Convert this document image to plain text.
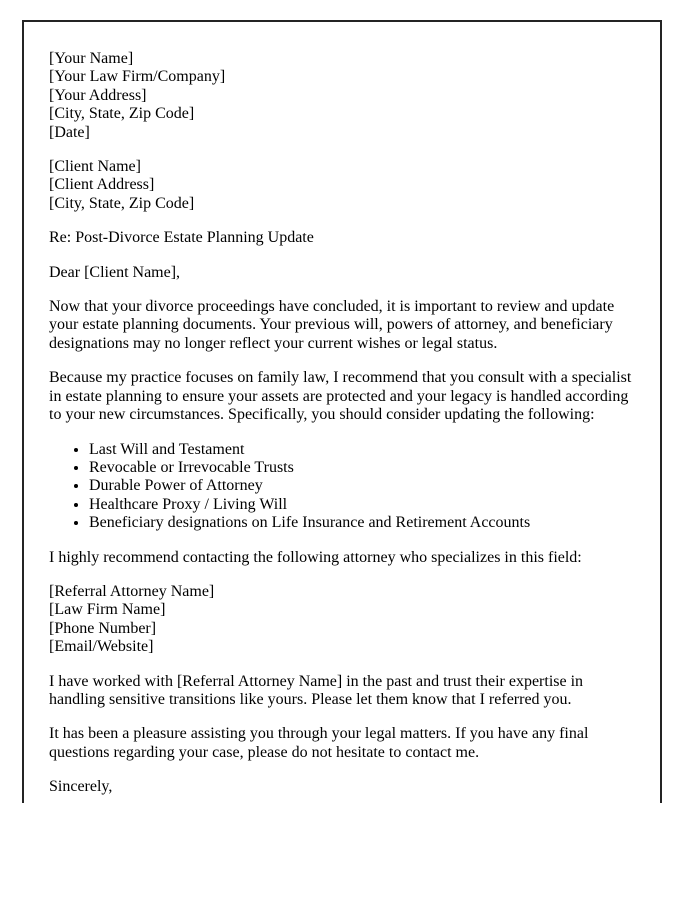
[Your Name]
[Your Law Firm/Company]
[Your Address]
[City, State, Zip Code]
[Date]
[Client Name]
[Client Address]
[City, State, Zip Code]
Re: Post-Divorce Estate Planning Update
Dear [Client Name],
Now that your divorce proceedings have concluded, it is important to review and update
your estate planning documents. Your previous will, powers of attorney, and beneficiary
designations may no longer reflect your current wishes or legal status.
Because my practice focuses on family law, I recommend that you consult with a specialist
in estate planning to ensure your assets are protected and your legacy is handled according
to your new circumstances. Specifically, you should consider updating the following:
• Last Will and Testament
• Revocable or Irrevocable Trusts
• Durable Power of Attorney
• Healthcare Proxy / Living Will
• Beneficiary designations on Life Insurance and Retirement Accounts
I highly recommend contacting the following attorney who specializes in this field:
[Referral Attorney Name]
[Law Firm Name]
[Phone Number]
[Email/Website]
I have worked with [Referral Attorney Name] in the past and trust their expertise in
handling sensitive transitions like yours. Please let them know that I referred you.
It has been a pleasure assisting you through your legal matters. If you have any final
questions regarding your case, please do not hesitate to contact me.
Sincerely,
